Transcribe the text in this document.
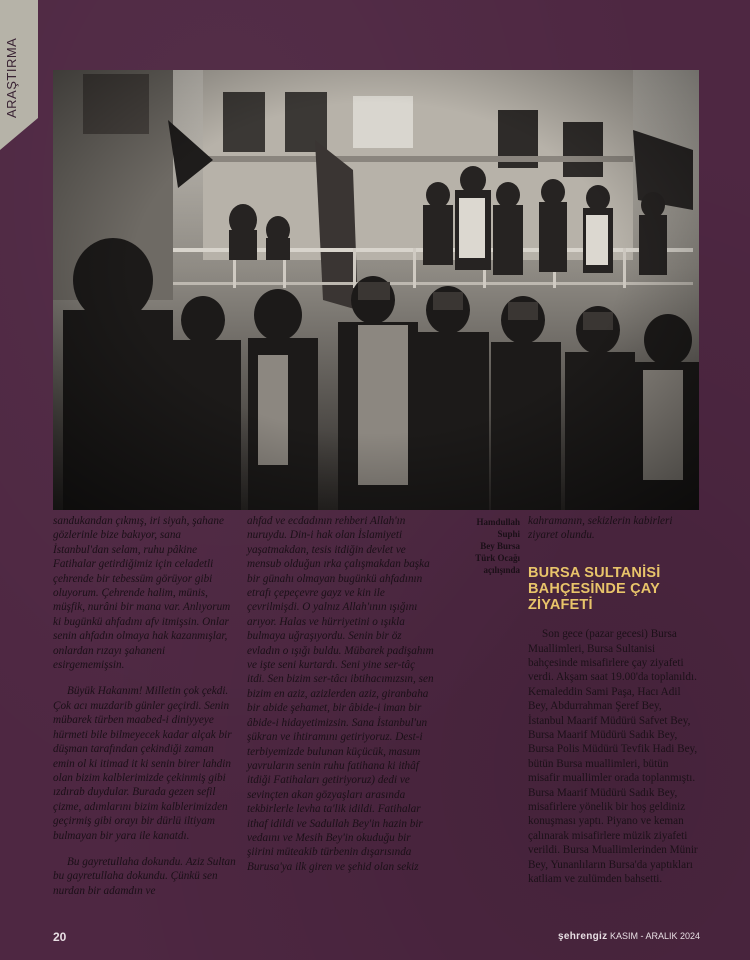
ARAŞTIRMA

sandukandan çıkmış, iri siyah, şahane gözlerinle bize bakıyor, sana İstanbul'dan selam, ruhu pâkine Fatihalar getirdiğimiz için celadetli çehrende bir tebessüm görüyor gibi oluyorum. Çehrende halim, münis, müşfik, nurâni bir mana var. Anlıyorum ki bugünkü ahfadını afv itmişsin. Onlar senin ahfadın olmaya hak kazanmışlar, onlardan rızayı şahaneni esirgememişsin.

Büyük Hakanım! Milletin çok çekdi. Çok acı muzdarib günler geçirdi. Senin mübarek türben maabed-i diniyyeye hürmeti bile bilmeyecek kadar alçak bir düşman tarafından çekindiği zaman emin ol ki itimad it ki senin birer lahdin olan bizim kalblerimizde çekinmiş gibi ızdırab duydular. Burada gezen sefil çizme, adımlarını bizim kalblerimizden geçirmiş gibi orayı bir dürlü iltiyam bulmayan bir yara ile kanatdı.

Bu gayretullaha dokundu. Aziz Sultan bu gayretullaha dokundu. Çünkü sen nurdan bir adamdın ve

ahfad ve ecdadının rehberi Allah'ın nuruydu. Din-i hak olan İslamiyeti yaşatmakdan, tesis itdiğin devlet ve mensub olduğun ırka çalışmakdan başka bir günahı olmayan bugünkü ahfadının etrafı çepeçevre gayz ve kin ile çevrilmişdi. O yalnız Allah'ının ışığını arıyor. Halas ve hürriyetini o ışıkla bulmaya uğraşıyordu. Senin bir öz evladın o ışığı buldu. Mübarek padişahım ve işte seni kurtardı. Seni yine ser-tâç itdi. Sen bizim ser-tâcı ibtihacımızsın, sen bizim en aziz, azizlerden aziz, giranbaha bir abide şehamet, bir âbide-i iman bir âbide-i hidayetimizsin. Sana İstanbul'un şükran ve ihtiramını getiriyoruz. Dest-i terbiyemizde bulunan küçücük, masum yavruların senin ruhu fatihana ki ithâf itdiği Fatihaları getiriyoruz) dedi ve sevinçten akan gözyaşları arasında tekbirlerle levha ta'lik idildi. Fatihalar ithaf idildi ve Sadullah Bey'in hazin bir vedaını ve Mesih Bey'in okuduğu bir şiirini müteakib türbenin dışarısında Burusa'ya ilk giren ve şehid olan sekiz

Hamdullah
Suphi
Bey Bursa
Türk Ocağı
açılışında

kahramanın, sekizlerin kabirleri ziyaret olundu.

BURSA SULTANİSİ BAHÇESİNDE ÇAY ZİYAFETİ

Son gece (pazar gecesi) Bursa Muallimleri, Bursa Sultanisi bahçesinde misafirlere çay ziyafeti verdi. Akşam saat 19.00'da toplanıldı. Kemaleddin Sami Paşa, Hacı Adil Bey, Abdurrahman Şeref Bey, İstanbul Maarif Müdürü Safvet Bey, Bursa Maarif Müdürü Sadık Bey, Bursa Polis Müdürü Tevfik Hadi Bey, bütün Bursa muallimleri, bütün misafir muallimler orada toplanmıştı. Bursa Maarif Müdürü Sadık Bey, misafirlere yönelik bir hoş geldiniz konuşması yaptı. Piyano ve keman çalınarak misafirlere müzik ziyafeti verildi. Bursa Muallimlerinden Münir Bey, Yunanlıların Bursa'da yaptıkları katliam ve zulümden bahsetti.

20	şehrengiz KASIM - ARALIK 2024
